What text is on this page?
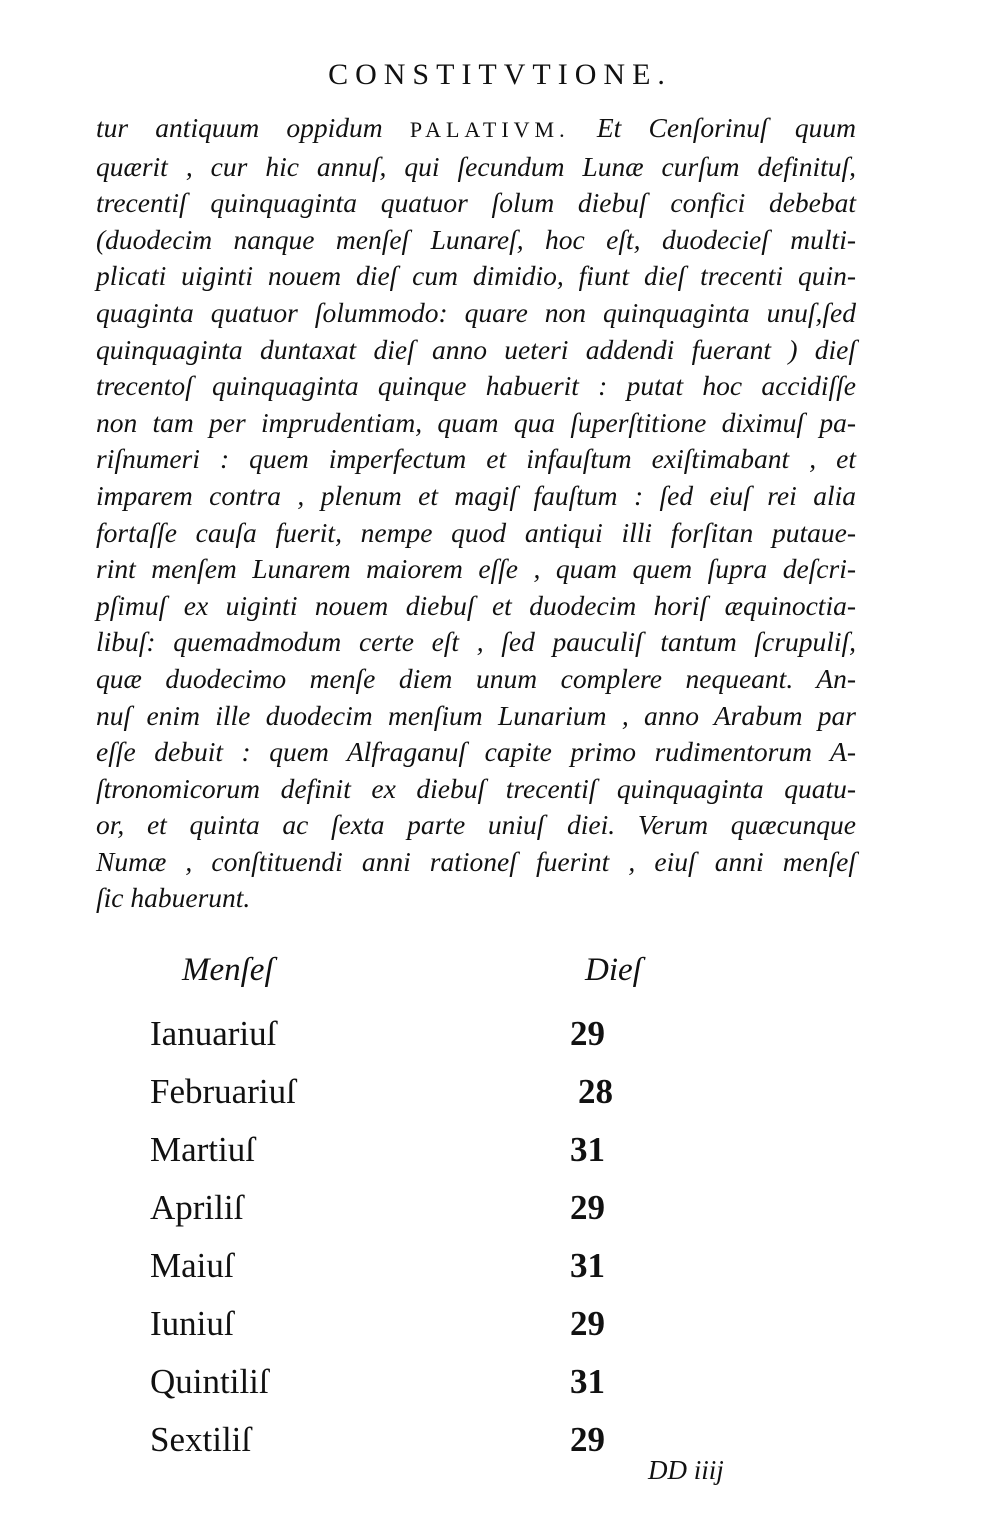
CONSTITVTIONE.
tur antiquum oppidum PALATIVM. Et Cenſorinuſ quum
quærit , cur hic annuſ, qui ſecundum Lunæ curſum definituſ,
trecentiſ quinquaginta quatuor ſolum diebuſ confici debebat
(duodecim nanque menſeſ Lunareſ, hoc eſt, duodecieſ multi-
plicati uiginti nouem dieſ cum dimidio, fiunt dieſ trecenti quin-
quaginta quatuor ſolummodo: quare non quinquaginta unuſ,ſed
quinquaginta duntaxat dieſ anno ueteri addendi fuerant ) dieſ
trecentoſ quinquaginta quinque habuerit : putat hoc accidiſſe
non tam per imprudentiam, quam qua ſuperſtitione diximuſ pa-
riſnumeri : quem imperfectum et infauſtum exiſtimabant , et
imparem contra , plenum et magiſ fauſtum : ſed eiuſ rei alia
fortaſſe cauſa fuerit, nempe quod antiqui illi forſitan putaue-
rint menſem Lunarem maiorem eſſe , quam quem ſupra deſcri-
pſimuſ ex uiginti nouem diebuſ et duodecim horiſ æquinoctia-
libuſ: quemadmodum certe eſt , ſed pauculiſ tantum ſcrupuliſ,
quæ duodecimo menſe diem unum complere nequeant. An-
nuſ enim ille duodecim menſium Lunarium , anno Arabum par
eſſe debuit : quem Alfraganuſ capite primo rudimentorum A-
ſtronomicorum definit ex diebuſ trecentiſ quinquaginta quatu-
or, et quinta ac ſexta parte uniuſ diei. Verum quæcunque
Numæ , conſtituendi anni rationeſ fuerint , eiuſ anni menſeſ
ſic habuerunt.
Menſeſ	Dieſ
Ianuariuſ
Februariuſ
Martiuſ
Apriliſ
Maiuſ
Iuniuſ
Quintiliſ
Sextiliſ
29
28
31
29
31
29
31
29
DD iiij
